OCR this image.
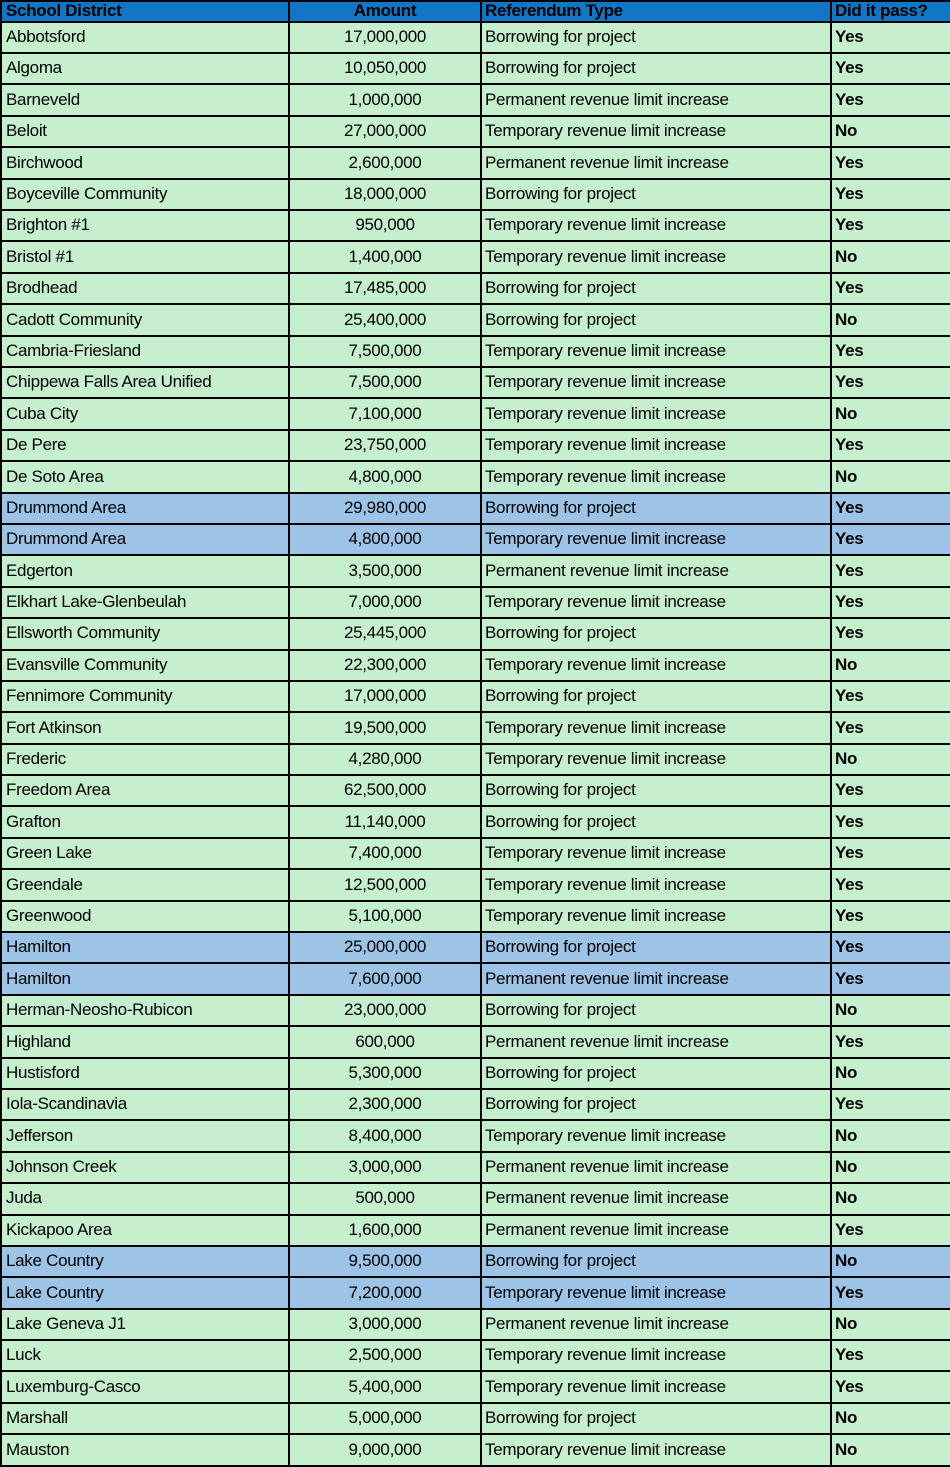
School District	Amount	Referendum Type	Did it pass?
Abbotsford	17,000,000	Borrowing for project	Yes
Algoma	10,050,000	Borrowing for project	Yes
Barneveld	1,000,000	Permanent revenue limit increase	Yes
Beloit	27,000,000	Temporary revenue limit increase	No
Birchwood	2,600,000	Permanent revenue limit increase	Yes
Boyceville Community	18,000,000	Borrowing for project	Yes
Brighton #1	950,000	Temporary revenue limit increase	Yes
Bristol #1	1,400,000	Temporary revenue limit increase	No
Brodhead	17,485,000	Borrowing for project	Yes
Cadott Community	25,400,000	Borrowing for project	No
Cambria-Friesland	7,500,000	Temporary revenue limit increase	Yes
Chippewa Falls Area Unified	7,500,000	Temporary revenue limit increase	Yes
Cuba City	7,100,000	Temporary revenue limit increase	No
De Pere	23,750,000	Temporary revenue limit increase	Yes
De Soto Area	4,800,000	Temporary revenue limit increase	No
Drummond Area	29,980,000	Borrowing for project	Yes
Drummond Area	4,800,000	Temporary revenue limit increase	Yes
Edgerton	3,500,000	Permanent revenue limit increase	Yes
Elkhart Lake-Glenbeulah	7,000,000	Temporary revenue limit increase	Yes
Ellsworth Community	25,445,000	Borrowing for project	Yes
Evansville Community	22,300,000	Temporary revenue limit increase	No
Fennimore Community	17,000,000	Borrowing for project	Yes
Fort Atkinson	19,500,000	Temporary revenue limit increase	Yes
Frederic	4,280,000	Temporary revenue limit increase	No
Freedom Area	62,500,000	Borrowing for project	Yes
Grafton	11,140,000	Borrowing for project	Yes
Green Lake	7,400,000	Temporary revenue limit increase	Yes
Greendale	12,500,000	Temporary revenue limit increase	Yes
Greenwood	5,100,000	Temporary revenue limit increase	Yes
Hamilton	25,000,000	Borrowing for project	Yes
Hamilton	7,600,000	Permanent revenue limit increase	Yes
Herman-Neosho-Rubicon	23,000,000	Borrowing for project	No
Highland	600,000	Permanent revenue limit increase	Yes
Hustisford	5,300,000	Borrowing for project	No
Iola-Scandinavia	2,300,000	Borrowing for project	Yes
Jefferson	8,400,000	Temporary revenue limit increase	No
Johnson Creek	3,000,000	Permanent revenue limit increase	No
Juda	500,000	Permanent revenue limit increase	No
Kickapoo Area	1,600,000	Permanent revenue limit increase	Yes
Lake Country	9,500,000	Borrowing for project	No
Lake Country	7,200,000	Temporary revenue limit increase	Yes
Lake Geneva J1	3,000,000	Permanent revenue limit increase	No
Luck	2,500,000	Temporary revenue limit increase	Yes
Luxemburg-Casco	5,400,000	Temporary revenue limit increase	Yes
Marshall	5,000,000	Borrowing for project	No
Mauston	9,000,000	Temporary revenue limit increase	No
